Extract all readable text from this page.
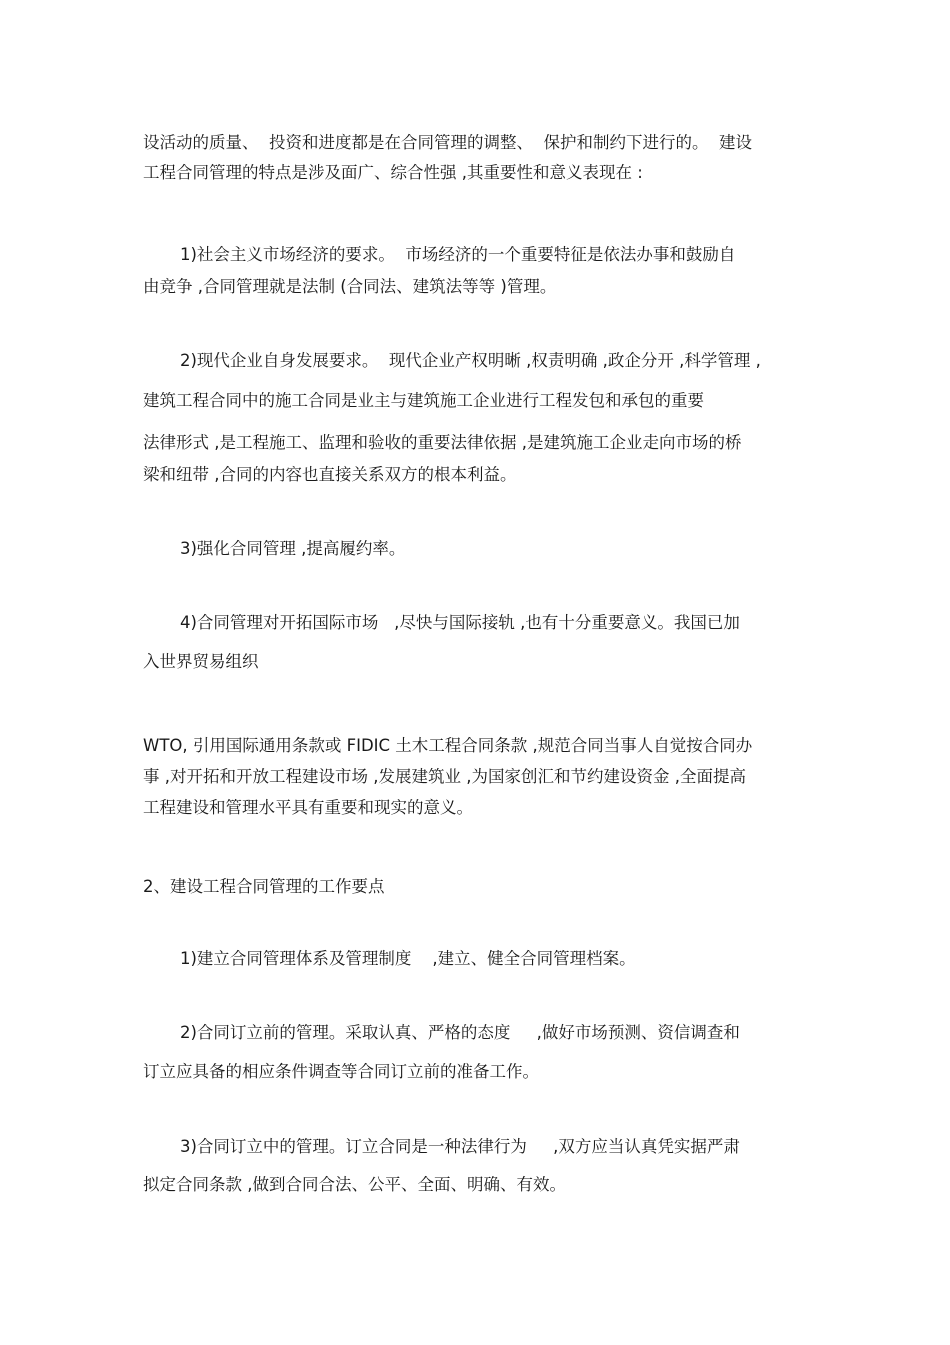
设活动的质量、  投资和进度都是在合同管理的调整、  保护和制约下进行的。  建设
工程合同管理的特点是涉及面广、综合性强 ,其重要性和意义表现在 :
1)社会主义市场经济的要求。  市场经济的一个重要特征是依法办事和鼓励自
由竞争 ,合同管理就是法制 (合同法、建筑法等等 )管理。
2)现代企业自身发展要求。  现代企业产权明晰 ,权责明确 ,政企分开 ,科学管理 ,
建筑工程合同中的施工合同是业主与建筑施工企业进行工程发包和承包的重要
法律形式 ,是工程施工、监理和验收的重要法律依据 ,是建筑施工企业走向市场的桥
梁和纽带 ,合同的内容也直接关系双方的根本利益。
3)强化合同管理 ,提高履约率。
4)合同管理对开拓国际市场   ,尽快与国际接轨 ,也有十分重要意义。我国已加
入世界贸易组织
WTO, 引用国际通用条款或 FIDIC 土木工程合同条款 ,规范合同当事人自觉按合同办
事 ,对开拓和开放工程建设市场 ,发展建筑业 ,为国家创汇和节约建设资金 ,全面提高
工程建设和管理水平具有重要和现实的意义。
2、建设工程合同管理的工作要点
1)建立合同管理体系及管理制度    ,建立、健全合同管理档案。
2)合同订立前的管理。采取认真、严格的态度     ,做好市场预测、资信调查和
订立应具备的相应条件调查等合同订立前的准备工作。
3)合同订立中的管理。订立合同是一种法律行为     ,双方应当认真凭实据严肃
拟定合同条款 ,做到合同合法、公平、全面、明确、有效。
